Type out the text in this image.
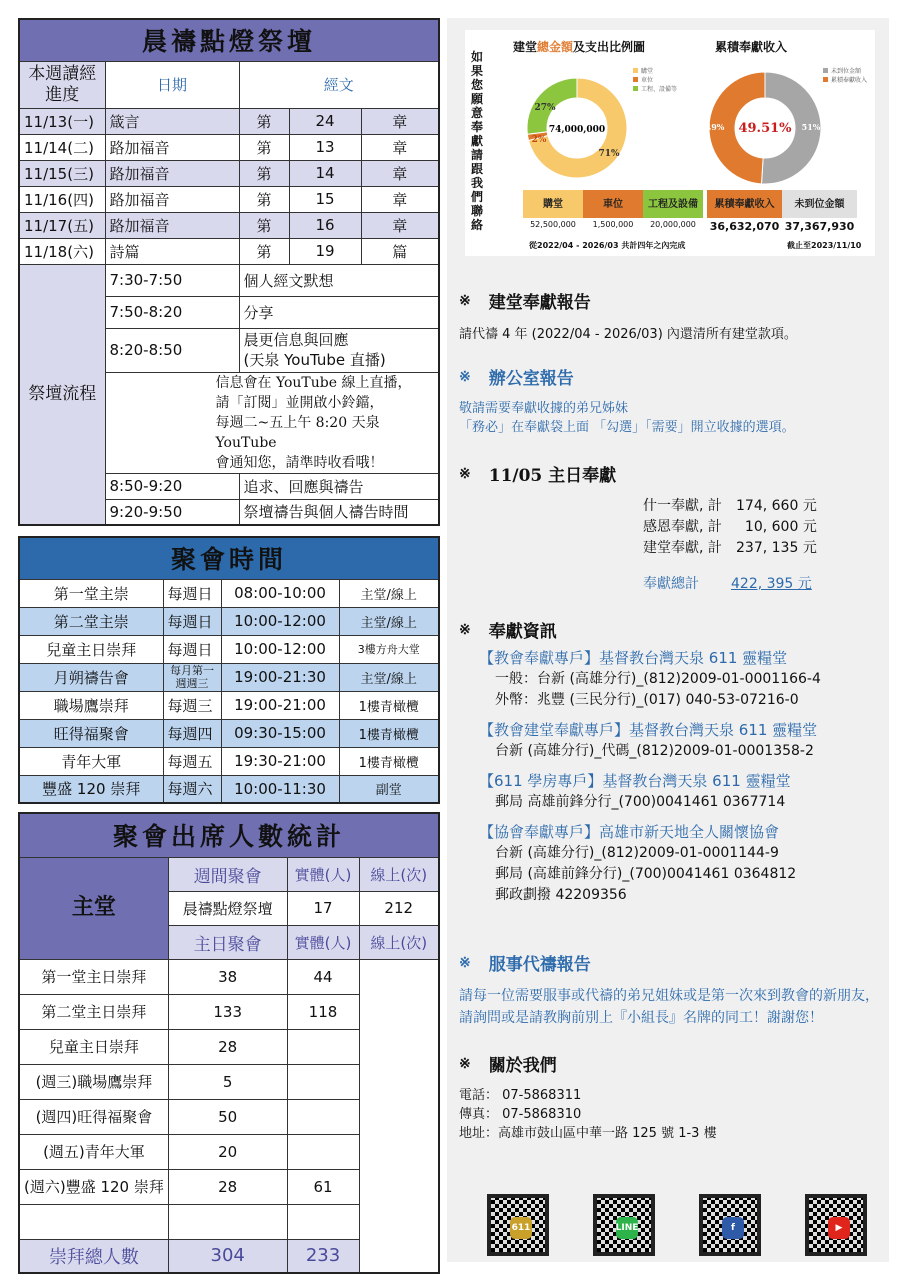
晨禱點燈祭壇				
本週讀經進度	日期	經文		
11/13(一)	箴言	第	24	章
11/14(二)	路加福音	第	13	章
11/15(三)	路加福音	第	14	章
11/16(四)	路加福音	第	15	章
11/17(五)	路加福音	第	16	章
11/18(六)	詩篇	第	19	篇
祭壇流程	7:30-7:50	個人經文默想		
	7:50-8:20	分享		
	8:20-8:50	晨更信息與回應
(天泉 YouTube 直播)		

	信息會在 YouTube 線上直播，
請「訂閱」並開啟小鈴鐺，
每週二~五上午 8:20 天泉 YouTube
會通知您，請準時收看哦！			

	8:50-9:20	追求、回應與禱告		
	9:20-9:50	祭壇禱告與個人禱告時間		
聚會時間			
第一堂主崇	每週日	08:00-10:00	主堂/線上
第二堂主崇	每週日	10:00-12:00	主堂/線上
兒童主日崇拜	每週日	10:00-12:00	3樓方舟大堂
月朔禱告會	每月第一週週三	19:00-21:30	主堂/線上
職場鷹崇拜	每週三	19:00-21:00	1樓青橄欖
旺得福聚會	每週四	09:30-15:00	1樓青橄欖
青年大軍	每週五	19:30-21:00	1樓青橄欖
豐盛 120 崇拜	每週六	10:00-11:30	副堂
聚會出席人數統計			
主堂	週間聚會	實體(人)	線上(次)
	晨禱點燈祭壇	17	212
	主日聚會	實體(人)	線上(次)
第一堂主日崇拜	38	44	
第二堂主日崇拜	133	118	
兒童主日崇拜	28		
(週三)職場鷹崇拜	5		
(週四)旺得福聚會	50		
(週五)青年大軍	20		
(週六)豐盛 120 崇拜	28	61	

崇拜總人數	304	233	
如果您願意奉獻請跟我們聯絡
建堂總金額及支出比例圖	累積奉獻收入
購堂
車位
工程、設備等
27%
2%
71%
74,000,000
未到位金額
累積奉獻收入
49% 49.51% 51%
購堂	車位	工程及設備
52,500,000	1,500,000	20,000,000
累積奉獻收入	未到位金額
36,632,070 37,367,930
從2022/04 - 2026/03 共計四年之內完成	截止至2023/11/10
※ 建堂奉獻報告
請代禱 4 年 (2022/04 - 2026/03) 內還清所有建堂款項。
※ 辦公室報告
敬請需要奉獻收據的弟兄姊妹
「務必」在奉獻袋上面 「勾選」「需要」開立收據的選項。
※ 11/05 主日奉獻
什一奉獻, 計 174, 660 元
感恩奉獻, 計 10, 600 元
建堂奉獻, 計 237, 135 元
奉獻總計 422, 395 元
※ 奉獻資訊
【教會奉獻專戶】基督教台灣天泉 611 靈糧堂
一般：台新 (高雄分行)_(812)2009-01-0001166-4
外幣：兆豐 (三民分行)_(017) 040-53-07216-0
【教會建堂奉獻專戶】基督教台灣天泉 611 靈糧堂
台新 (高雄分行)_代碼_(812)2009-01-0001358-2
【611 學房專戶】基督教台灣天泉 611 靈糧堂
郵局 高雄前鋒分行_(700)0041461 0367714
【協會奉獻專戶】高雄市新天地全人關懷協會
台新 (高雄分行)_(812)2009-01-0001144-9
郵局 (高雄前鋒分行)_(700)0041461 0364812
郵政劃撥 42209356
※ 服事代禱報告
請每一位需要服事或代禱的弟兄姐妹或是第一次來到教會的新朋友，請詢問或是請教胸前別上『小組長』名牌的同工！謝謝您！
※ 關於我們
電話： 07-5868311
傳真： 07-5868310
地址：高雄市鼓山區中華一路 125 號 1-3 樓
611	LINE	f	▶
